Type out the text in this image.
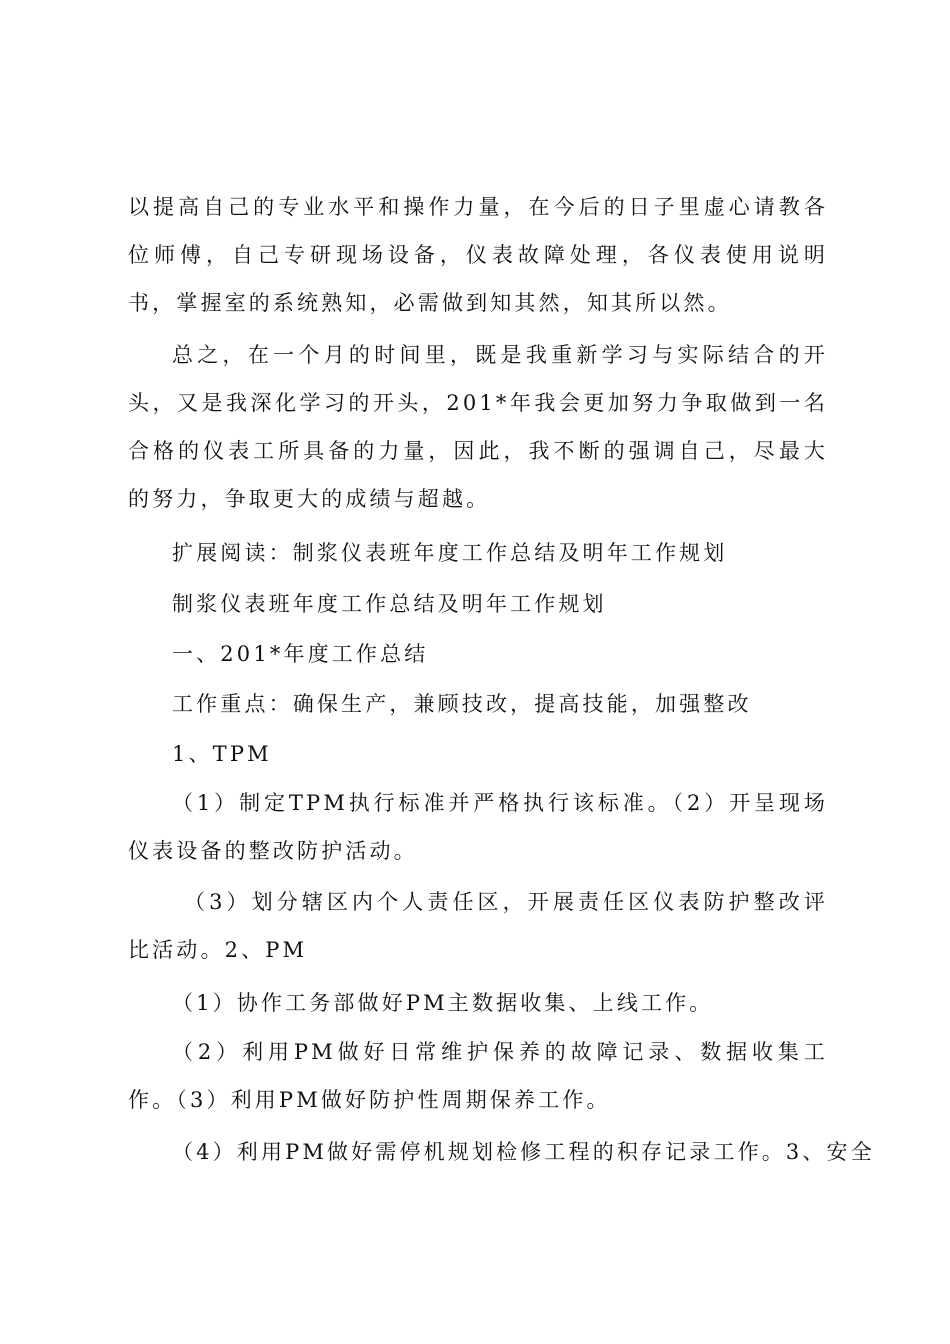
以提高自己的专业水平和操作力量，在今后的日子里虚心请教各位师傅，自己专研现场设备，仪表故障处理，各仪表使用说明书，掌握室的系统熟知，必需做到知其然，知其所以然。
总之，在一个月的时间里，既是我重新学习与实际结合的开头，又是我深化学习的开头，201*年我会更加努力争取做到一名合格的仪表工所具备的力量，因此，我不断的强调自己，尽最大的努力，争取更大的成绩与超越。
扩展阅读：制浆仪表班年度工作总结及明年工作规划
制浆仪表班年度工作总结及明年工作规划
一、201*年度工作总结
工作重点：确保生产，兼顾技改，提高技能，加强整改
1、TPM
（1）制定TPM执行标准并严格执行该标准。（2）开呈现场仪表设备的整改防护活动。
（3）划分辖区内个人责任区，开展责任区仪表防护整改评比活动。2、PM
（1）协作工务部做好PM主数据收集、上线工作。
（2）利用PM做好日常维护保养的故障记录、数据收集工作。（3）利用PM做好防护性周期保养工作。
（4）利用PM做好需停机规划检修工程的积存记录工作。3、安全
